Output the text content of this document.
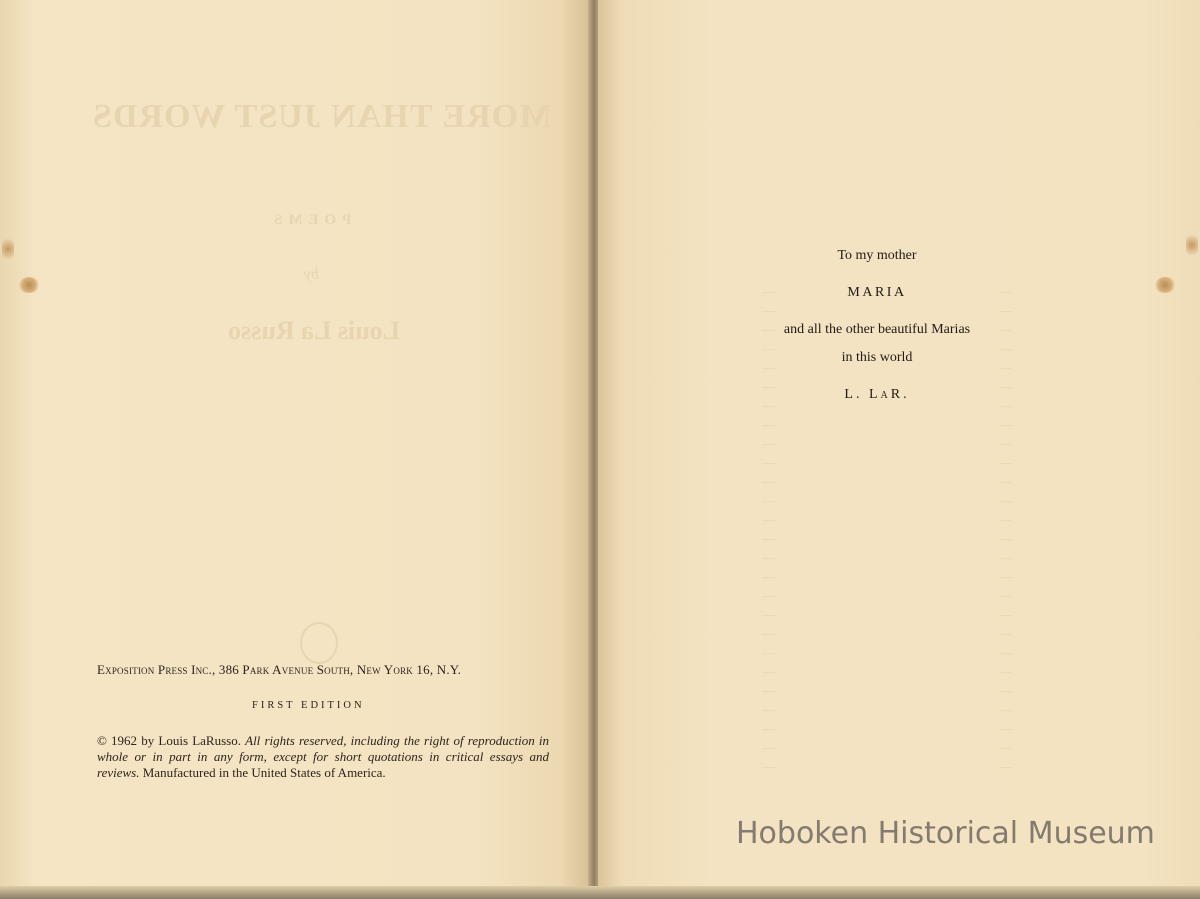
MORE THAN JUST WORDS
POEMS
by
Louis La Russo
—	—
—	—
—	—
—	—
—	—
—	—
—	—
—	—
—	—
—	—
—	—
—	—
—	—
—	—
—	—
—	—
—	—
—	—
—	—
—	—
—	—
—	—
—	—
—	—
—	—
—	—
Exposition Press Inc., 386 Park Avenue South, New York 16, N.Y.
FIRST EDITION
© 1962 by Louis LaRusso. All rights reserved, including the right of reproduction in whole or in part in any form, except for short quotations in critical essays and reviews. Manufactured in the United States of America.
To my mother
MARIA
and all the other beautiful Marias
in this world
L. LaR.
Hoboken Historical Museum
